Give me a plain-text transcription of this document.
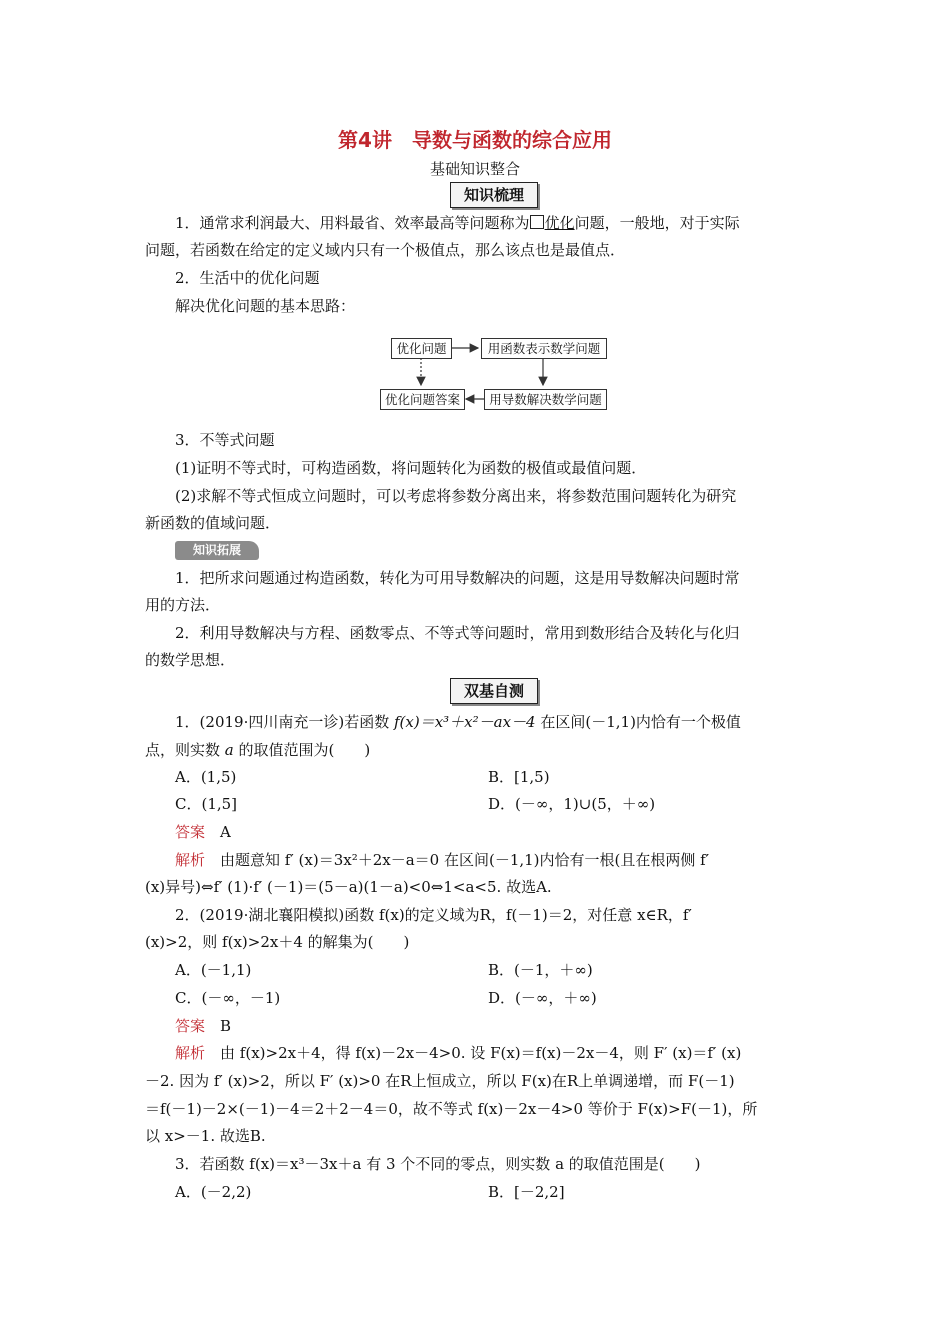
第4讲　导数与函数的综合应用
基础知识整合
知识梳理
1．通常求利润最大、用料最省、效率最高等问题称为 优化问题，一般地，对于实际
问题，若函数在给定的定义域内只有一个极值点，那么该点也是最值点．
2．生活中的优化问题
解决优化问题的基本思路：
优化问题	用函数表示数学问题
优化问题答案	用导数解决数学问题
3．不等式问题
(1)证明不等式时，可构造函数，将问题转化为函数的极值或最值问题．
(2)求解不等式恒成立问题时，可以考虑将参数分离出来，将参数范围问题转化为研究
新函数的值域问题．
知识拓展
1．把所求问题通过构造函数，转化为可用导数解决的问题，这是用导数解决问题时常
用的方法．
2．利用导数解决与方程、函数零点、不等式等问题时，常用到数形结合及转化与化归
的数学思想．
双基自测
1．(2019·四川南充一诊)若函数 f(x)＝x³＋x²－ax－4 在区间(－1,1)内恰有一个极值
点，则实数 a 的取值范围为(　　)
A．(1,5)	B．[1,5)
C．(1,5]	D．(－∞，1)∪(5，＋∞)
答案　 A
解析　 由题意知 f′ (x)＝3x²＋2x－a＝0 在区间(－1,1)内恰有一根(且在根两侧 f′
(x)异号)⇔f′ (1)·f′ (－1)＝(5－a)(1－a)<0⇔1<a<5. 故选A.
2．(2019·湖北襄阳模拟)函数 f(x)的定义域为R，f(－1)＝2，对任意 x∈R，f′
(x)>2，则 f(x)>2x＋4 的解集为(　　)
A．(－1,1)	B．(－1，＋∞)
C．(－∞，－1)	D．(－∞，＋∞)
答案　 B
解析　 由 f(x)>2x＋4，得 f(x)－2x－4>0. 设 F(x)＝f(x)－2x－4，则 F′ (x)＝f′ (x)
－2. 因为 f′ (x)>2，所以 F′ (x)>0 在R上恒成立，所以 F(x)在R上单调递增，而 F(－1)
＝f(－1)－2×(－1)－4＝2＋2－4＝0，故不等式 f(x)－2x－4>0 等价于 F(x)>F(－1)，所
以 x>－1. 故选B.
3．若函数 f(x)＝x³－3x＋a 有 3 个不同的零点，则实数 a 的取值范围是(　　)
A．(－2,2)	B．[－2,2]
